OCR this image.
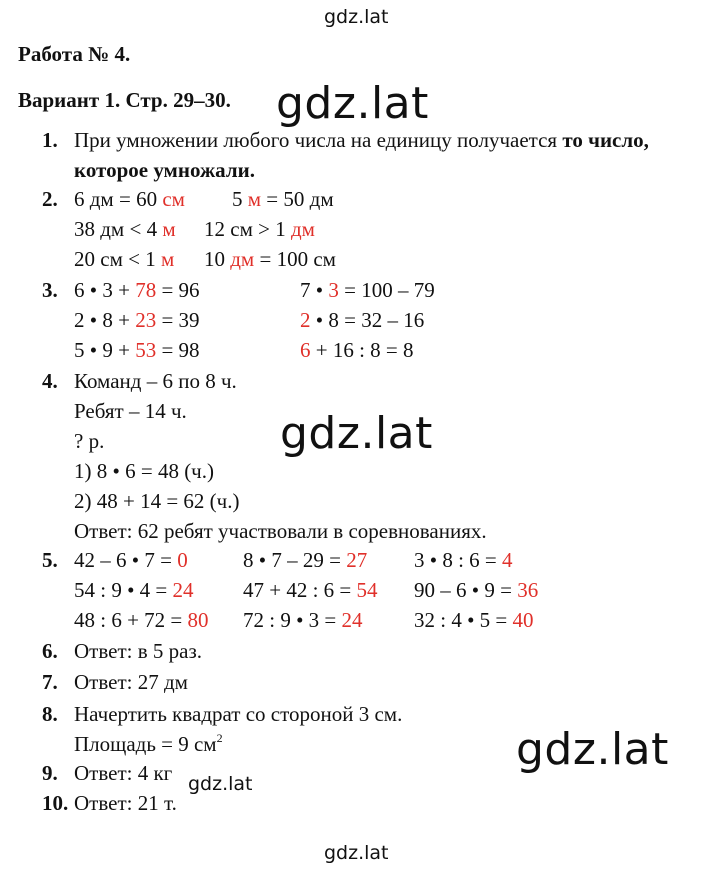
gdz.lat
gdz.lat
gdz.lat
gdz.lat
gdz.lat
gdz.lat
Работа № 4.
Вариант 1. Стр. 29–30.
1. При умножении любого числа на единицу получается то число,
которое умножали.
2. 6 дм = 60 см 5 м = 50 дм
38 дм < 4 м 12 см > 1 дм
20 см < 1 м 10 дм = 100 см
3. 6 • 3 + 78 = 96	7 • 3 = 100 – 79
2 • 8 + 23 = 39	2 • 8 = 32 – 16
5 • 9 + 53 = 98	6 + 16 : 8 = 8
4. Команд – 6 по 8 ч.
Ребят – 14 ч.
? р.
1) 8 • 6 = 48 (ч.)
2) 48 + 14 = 62 (ч.)
Ответ: 62 ребят участвовали в соревнованиях.
5. 42 – 6 • 7 = 0	8 • 7 – 29 = 27 3 • 8 : 6 = 4
54 : 9 • 4 = 24 47 + 42 : 6 = 54 90 – 6 • 9 = 36
48 : 6 + 72 = 80 72 : 9 • 3 = 24 32 : 4 • 5 = 40
6. Ответ: в 5 раз.
7. Ответ: 27 дм
8. Начертить квадрат со стороной 3 см.
Площадь = 9 $см^2$
9. Ответ: 4 кг
10. Ответ: 21 т.
